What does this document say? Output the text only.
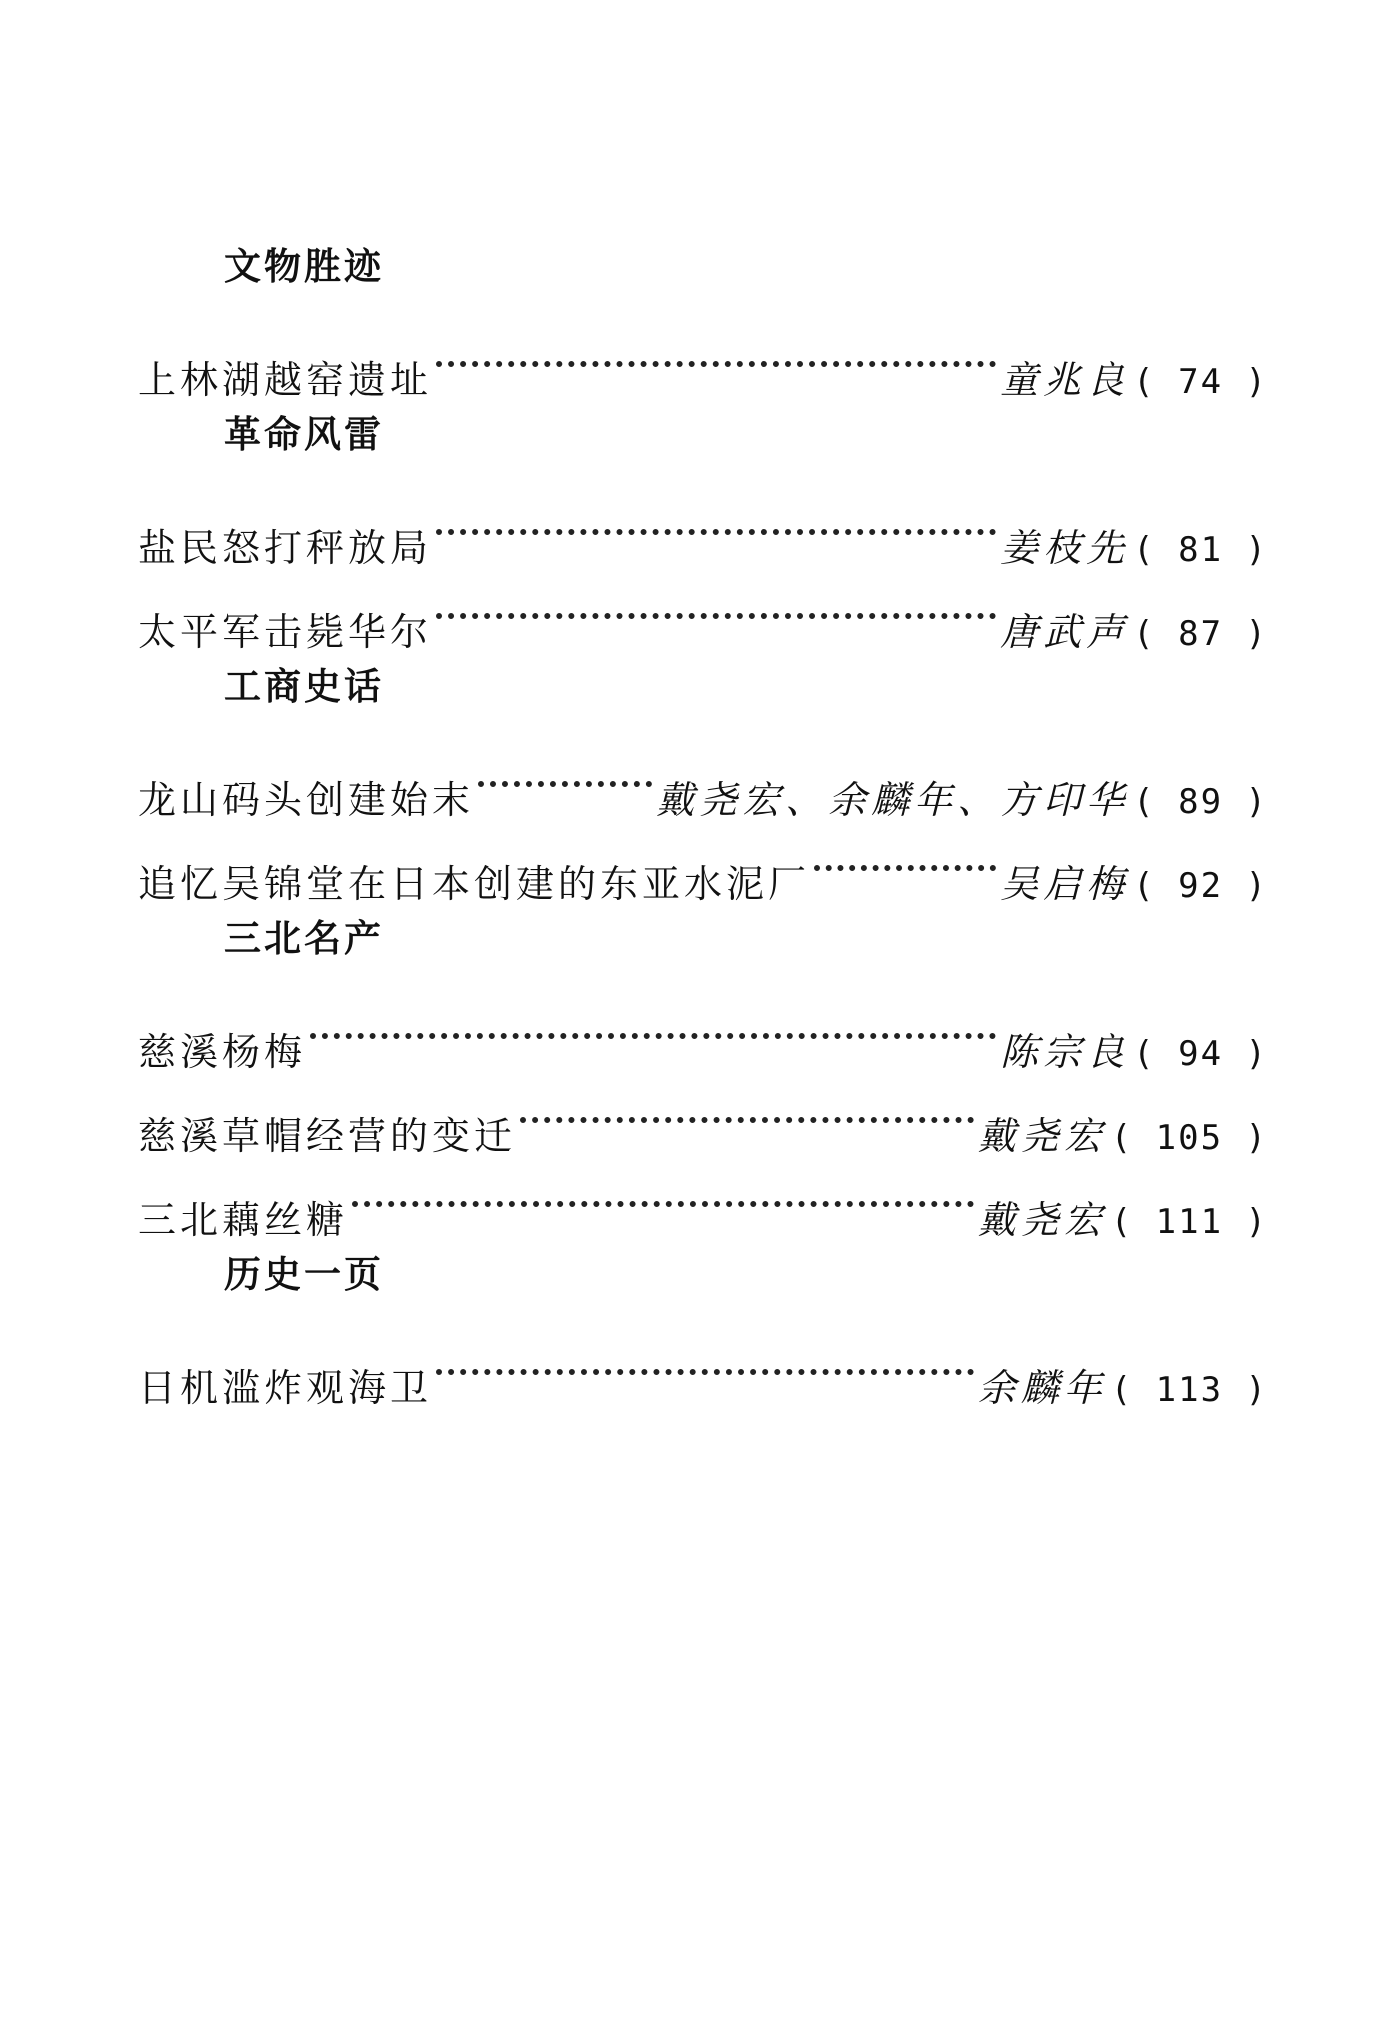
文物胜迹
上林湖越窑遗址	童兆良 ( 74 )
革命风雷
盐民怒打秤放局	姜枝先 ( 81 )
太平军击毙华尔	唐武声 ( 87 )
工商史话
龙山码头创建始末	戴尧宏、余麟年、方印华 ( 89 )
追忆吴锦堂在日本创建的东亚水泥厂	吴启梅 ( 92 )
三北名产
慈溪杨梅	陈宗良 ( 94 )
慈溪草帽经营的变迁	戴尧宏 ( 105 )
三北藕丝糖	戴尧宏 ( 111 )
历史一页
日机滥炸观海卫	余麟年 ( 113 )
